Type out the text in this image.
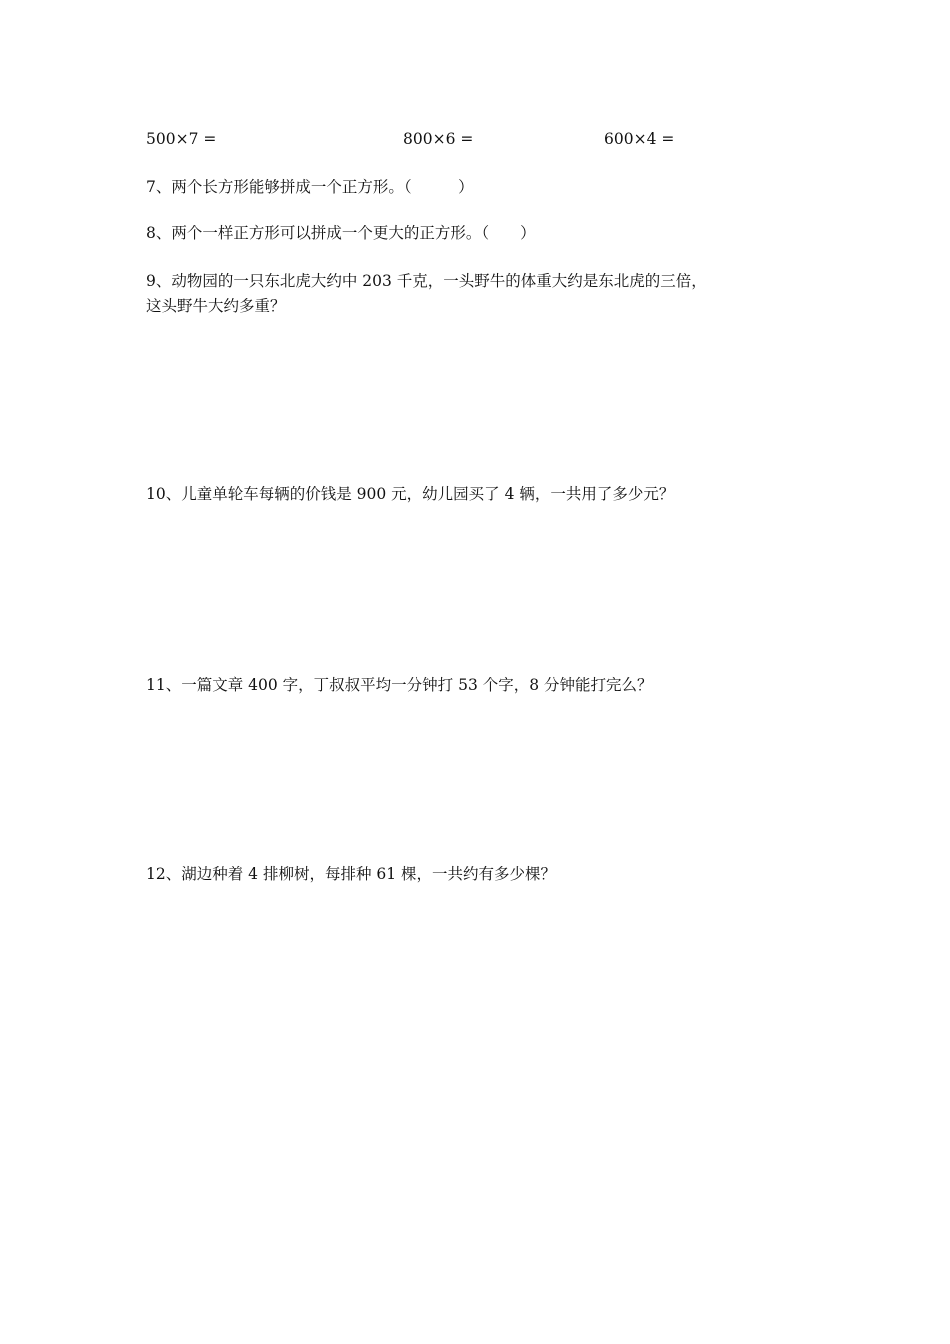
500×7 =	800×6 =	600×4 =
7、两个长方形能够拼成一个正方形。（　　　）
8、两个一样正方形可以拼成一个更大的正方形。（　　）
9、动物园的一只东北虎大约中 203 千克，一头野牛的体重大约是东北虎的三倍，
这头野牛大约多重？
10、儿童单轮车每辆的价钱是 900 元，幼儿园买了 4 辆，一共用了多少元？
11、一篇文章 400 字，丁叔叔平均一分钟打 53 个字，8 分钟能打完么？
12、湖边种着 4 排柳树，每排种 61 棵，一共约有多少棵？
